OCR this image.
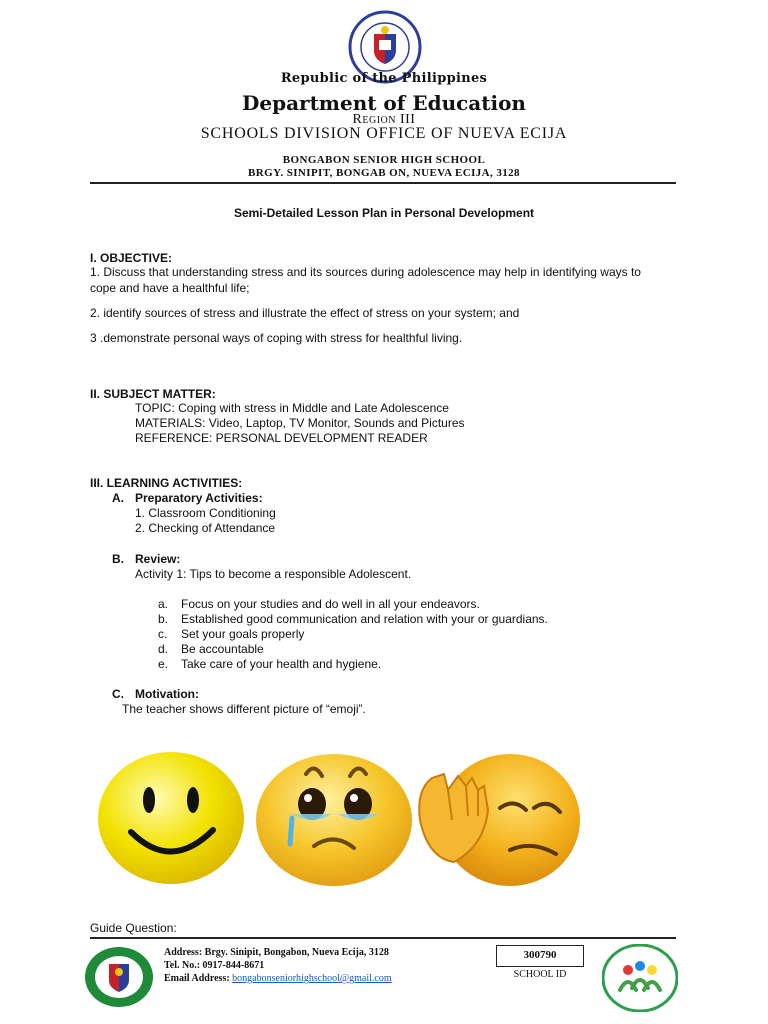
Republic of the Philippines
Department of Education
Region III
SCHOOLS DIVISION OFFICE OF NUEVA ECIJA
BONGABON SENIOR HIGH SCHOOL
BRGY. SINIPIT, BONGAB ON, NUEVA ECIJA, 3128
Semi-Detailed Lesson Plan in Personal Development
I. OBJECTIVE:
1. Discuss that understanding stress and its sources during adolescence may help in identifying ways to
cope and have a healthful life;
2. identify sources of stress and illustrate the effect of stress on your system; and
3 .demonstrate personal ways of coping with stress for healthful living.
II. SUBJECT MATTER:
TOPIC: Coping with stress in Middle and Late Adolescence
MATERIALS: Video, Laptop, TV Monitor, Sounds and Pictures
REFERENCE: PERSONAL DEVELOPMENT READER
III. LEARNING ACTIVITIES:
A. Preparatory Activities:
1. Classroom Conditioning
2. Checking of Attendance
B. Review:
Activity 1: Tips to become a responsible Adolescent.
a. Focus on your studies and do well in all your endeavors.
b. Established good communication and relation with your or guardians.
c. Set your goals properly
d. Be accountable
e. Take care of your health and hygiene.
C. Motivation:
The teacher shows different picture of “emoji”.
Guide Question:
Address: Brgy. Sinipit, Bongabon, Nueva Ecija, 3128
Tel. No.: 0917-844-8671
Email Address: bongabonseniorhighschool@gmail.com
300790
SCHOOL ID
